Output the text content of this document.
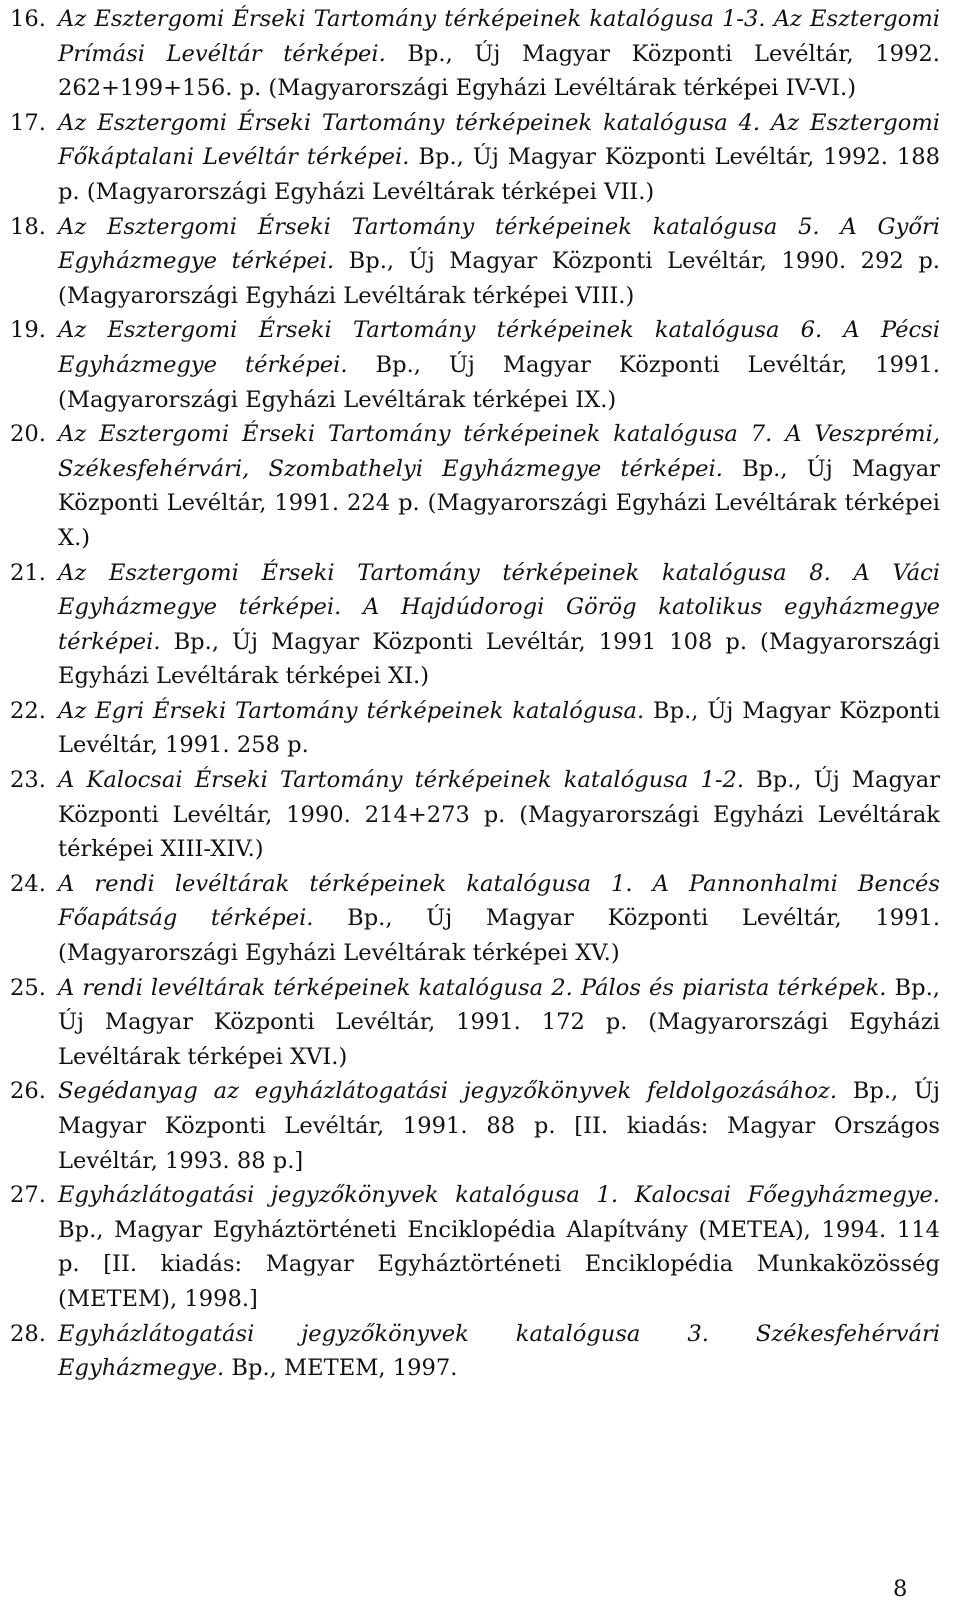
16. Az Esztergomi Érseki Tartomány térképeinek katalógusa 1-3. Az Esztergomi Prímási Levéltár térképei. Bp., Új Magyar Központi Levéltár, 1992. 262+199+156. p. (Magyarországi Egyházi Levéltárak térképei IV-VI.)
17. Az Esztergomi Érseki Tartomány térképeinek katalógusa 4. Az Esztergomi Főkáptalani Levéltár térképei. Bp., Új Magyar Központi Levéltár, 1992. 188 p. (Magyarországi Egyházi Levéltárak térképei VII.)
18. Az Esztergomi Érseki Tartomány térképeinek katalógusa 5. A Győri Egyházmegye térképei. Bp., Új Magyar Központi Levéltár, 1990. 292 p. (Magyarországi Egyházi Levéltárak térképei VIII.)
19. Az Esztergomi Érseki Tartomány térképeinek katalógusa 6. A Pécsi Egyházmegye térképei. Bp., Új Magyar Központi Levéltár, 1991. (Magyarországi Egyházi Levéltárak térképei IX.)
20. Az Esztergomi Érseki Tartomány térképeinek katalógusa 7. A Veszprémi, Székesfehérvári, Szombathelyi Egyházmegye térképei. Bp., Új Magyar Központi Levéltár, 1991. 224 p. (Magyarországi Egyházi Levéltárak térképei X.)
21. Az Esztergomi Érseki Tartomány térképeinek katalógusa 8. A Váci Egyházmegye térképei. A Hajdúdorogi Görög katolikus egyházmegye térképei. Bp., Új Magyar Központi Levéltár, 1991 108 p. (Magyarországi Egyházi Levéltárak térképei XI.)
22. Az Egri Érseki Tartomány térképeinek katalógusa. Bp., Új Magyar Központi Levéltár, 1991. 258 p.
23. A Kalocsai Érseki Tartomány térképeinek katalógusa 1-2. Bp., Új Magyar Központi Levéltár, 1990. 214+273 p. (Magyarországi Egyházi Levéltárak térképei XIII-XIV.)
24. A rendi levéltárak térképeinek katalógusa 1. A Pannonhalmi Bencés Főapátság térképei. Bp., Új Magyar Központi Levéltár, 1991. (Magyarországi Egyházi Levéltárak térképei XV.)
25. A rendi levéltárak térképeinek katalógusa 2. Pálos és piarista térképek. Bp., Új Magyar Központi Levéltár, 1991. 172 p. (Magyarországi Egyházi Levéltárak térképei XVI.)
26. Segédanyag az egyházlátogatási jegyzőkönyvek feldolgozásához. Bp., Új Magyar Központi Levéltár, 1991. 88 p. [II. kiadás: Magyar Országos Levéltár, 1993. 88 p.]
27. Egyházlátogatási jegyzőkönyvek katalógusa 1. Kalocsai Főegyházmegye. Bp., Magyar Egyháztörténeti Enciklopédia Alapítvány (METEA), 1994. 114 p. [II. kiadás: Magyar Egyháztörténeti Enciklopédia Munkaközösség (METEM), 1998.]
28. Egyházlátogatási jegyzőkönyvek katalógusa 3. Székesfehérvári Egyházmegye. Bp., METEM, 1997.
8
